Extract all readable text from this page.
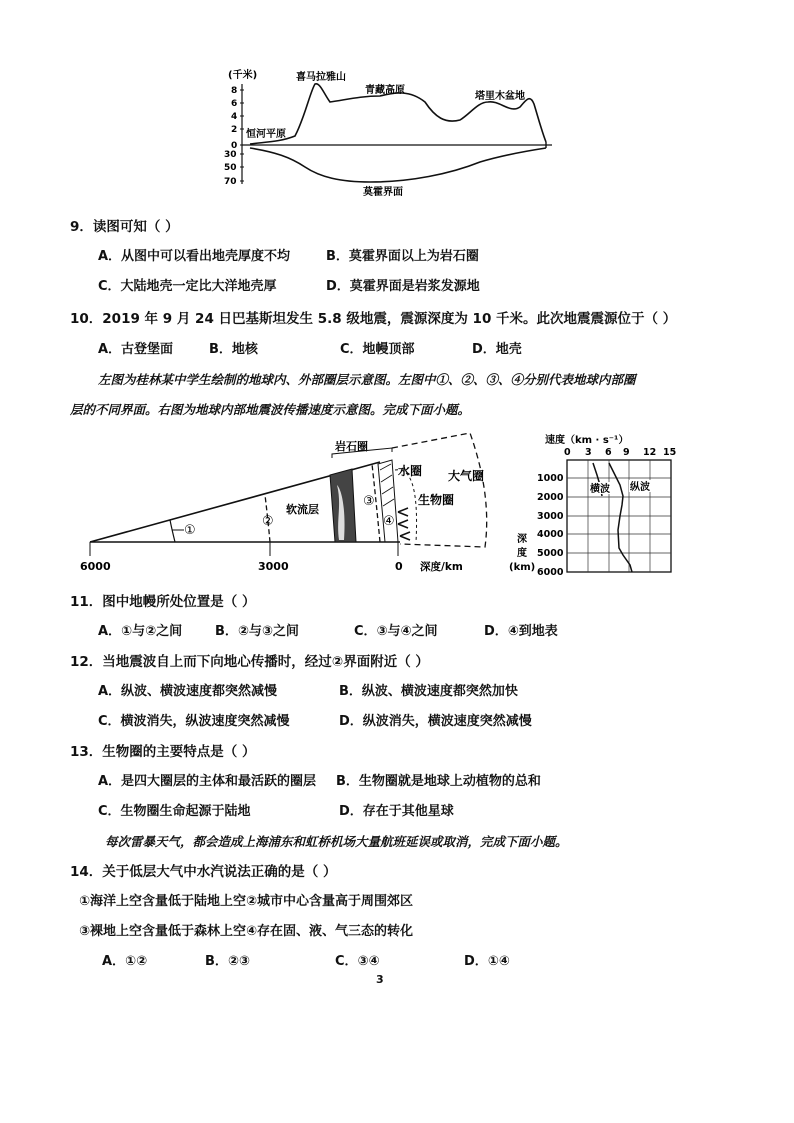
(千米)
8
6
4
2
0
30
50
70
喜马拉雅山
青藏高原
塔里木盆地
恒河平原
莫霍界面
9．读图可知（ ）
A．从图中可以看出地壳厚度不均	B．莫霍界面以上为岩石圈
C．大陆地壳一定比大洋地壳厚	D．莫霍界面是岩浆发源地
10．2019 年 9 月 24 日巴基斯坦发生 5.8 级地震，震源深度为 10 千米。此次地震震源位于（ ）
A．古登堡面	B．地核	C．地幔顶部	D．地壳
左图为桂林某中学生绘制的地球内、外部圈层示意图。左图中①、②、③、④分别代表地球内部圈
层的不同界面。右图为地球内部地震波传播速度示意图。完成下面小题。
①
②
软流层
③
④
岩石圈
水圈
生物圈
大气圈
6000	3000	0 深度/km
速度（km · s⁻¹）
0 3 6 9 12 15
1000
2000
3000
4000
5000
6000
深
度
(km)
横波 纵波
11．图中地幔所处位置是（ ）
A．①与②之间	B．②与③之间	C．③与④之间	D．④到地表
12．当地震波自上而下向地心传播时，经过②界面附近（ ）
A．纵波、横波速度都突然减慢	B．纵波、横波速度都突然加快
C．横波消失，纵波速度突然减慢	D．纵波消失，横波速度突然减慢
13．生物圈的主要特点是（ ）
A．是四大圈层的主体和最活跃的圈层 B．生物圈就是地球上动植物的总和
C．生物圈生命起源于陆地	D．存在于其他星球
每次雷暴天气，都会造成上海浦东和虹桥机场大量航班延误或取消，完成下面小题。
14．关于低层大气中水汽说法正确的是（ ）
①海洋上空含量低于陆地上空②城市中心含量高于周围郊区
③裸地上空含量低于森林上空④存在固、液、气三态的转化
A．①②	B．②③	C．③④	D．①④
3
